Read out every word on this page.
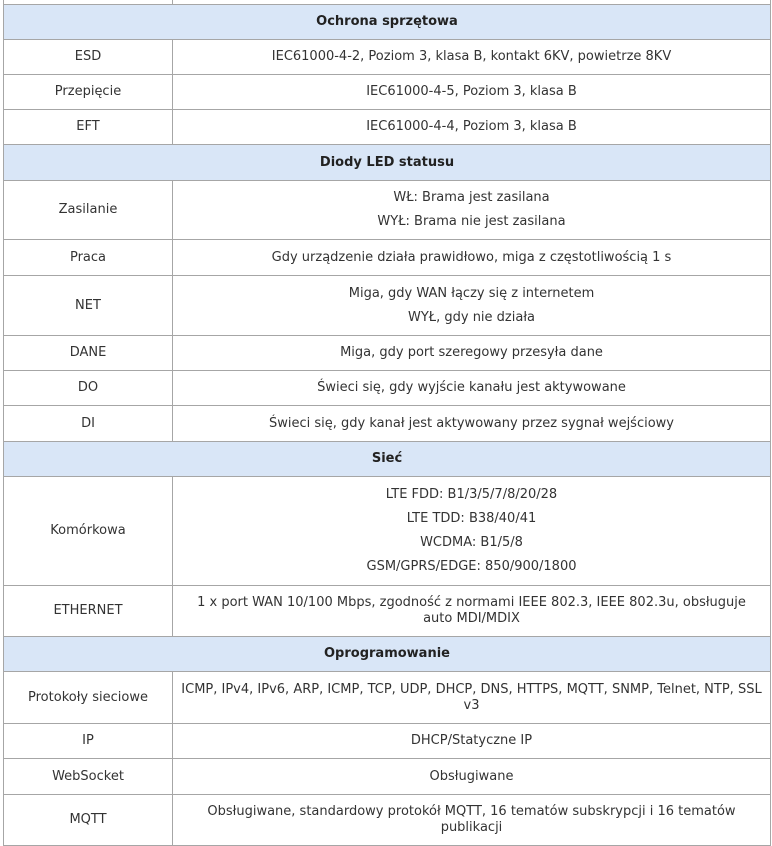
Ochrona sprzętowa	
ESD	IEC61000-4-2, Poziom 3, klasa B, kontakt 6KV, powietrze 8KV

Przepięcie	IEC61000-4-5, Poziom 3, klasa B

EFT	IEC61000-4-4, Poziom 3, klasa B

Diody LED statusu	
Zasilanie	WŁ: Brama jest zasilana
WYŁ: Brama nie jest zasilana

Praca	Gdy urządzenie działa prawidłowo, miga z częstotliwością 1 s

NET	Miga, gdy WAN łączy się z internetem
WYŁ, gdy nie działa

DANE	Miga, gdy port szeregowy przesyła dane

DO	Świeci się, gdy wyjście kanału jest aktywowane

DI	Świeci się, gdy kanał jest aktywowany przez sygnał wejściowy

Sieć	
Komórkowa	LTE FDD: B1/3/5/7/8/20/28
LTE TDD: B38/40/41
WCDMA: B1/5/8
GSM/GPRS/EDGE: 850/900/1800

ETHERNET	1 x port WAN 10/100 Mbps, zgodność z normami IEEE 802.3, IEEE 802.3u, obsługuje auto MDI/MDIX

Oprogramowanie	
Protokoły sieciowe	ICMP, IPv4, IPv6, ARP, ICMP, TCP, UDP, DHCP, DNS, HTTPS, MQTT, SNMP, Telnet, NTP, SSL v3

IP	DHCP/Statyczne IP

WebSocket	Obsługiwane

MQTT	Obsługiwane, standardowy protokół MQTT, 16 tematów subskrypcji i 16 tematów publikacji
